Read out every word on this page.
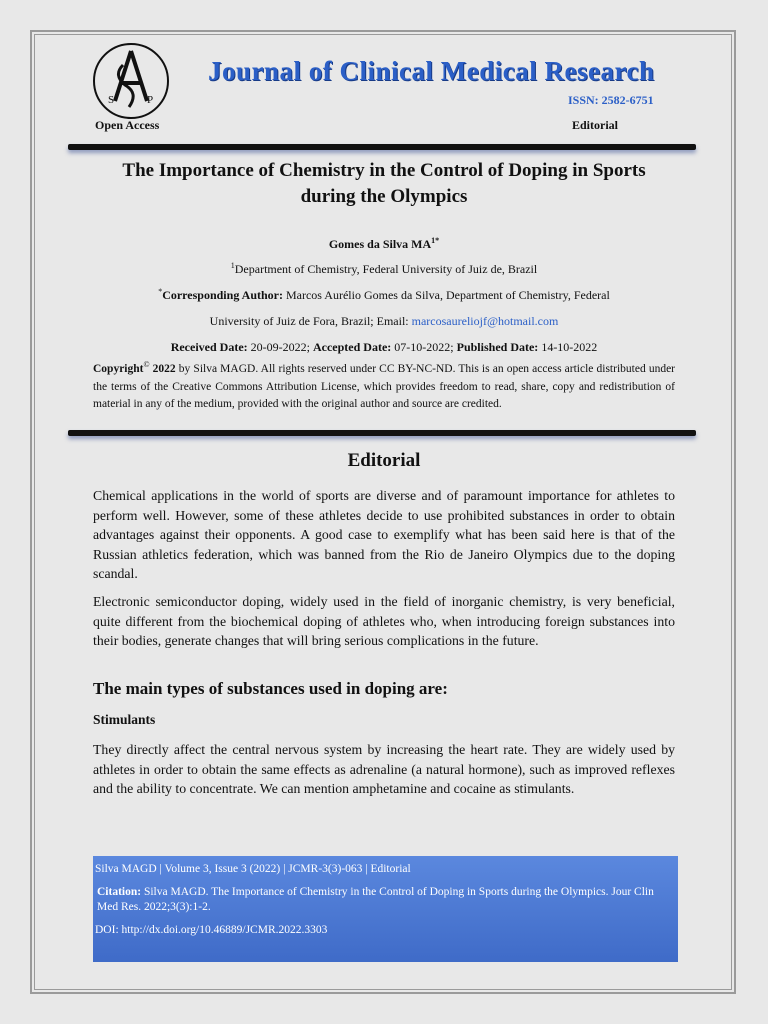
S	P
Open Access
Journal of Clinical Medical Research
ISSN: 2582-6751
Editorial
The Importance of Chemistry in the Control of Doping in Sports
during the Olympics
Gomes da Silva $MA^{1*}$
$^1$Department of Chemistry, Federal University of Juiz de, Brazil
*Corresponding Author: Marcos Aurélio Gomes da Silva, Department of Chemistry, Federal
University of Juiz de Fora, Brazil; Email: marcosaureliojf@hotmail.com
Received Date: 20-09-2022; Accepted Date: 07-10-2022; Published Date: 14-10-2022
Copyright© 2022 by Silva MAGD. All rights reserved under CC BY-NC-ND. This is an open access article distributed under the terms of the Creative Commons Attribution License, which provides freedom to read, share, copy and redistribution of material in any of the medium, provided with the original author and source are credited.
Editorial

Chemical applications in the world of sports are diverse and of paramount importance for athletes to perform well. However, some of these athletes decide to use prohibited substances in order to obtain advantages against their opponents. A good case to exemplify what has been said here is that of the Russian athletics federation, which was banned from the Rio de Janeiro Olympics due to the doping scandal.

Electronic semiconductor doping, widely used in the field of inorganic chemistry, is very beneficial, quite different from the biochemical doping of athletes who, when introducing foreign substances into their bodies, generate changes that will bring serious complications in the future.

The main types of substances used in doping are:
Stimulants

They directly affect the central nervous system by increasing the heart rate. They are widely used by athletes in order to obtain the same effects as adrenaline (a natural hormone), such as improved reflexes and the ability to concentrate. We can mention amphetamine and cocaine as stimulants.

Silva MAGD | Volume 3, Issue 3 (2022) | JCMR-3(3)-063 | Editorial
Citation: Silva MAGD. The Importance of Chemistry in the Control of Doping in Sports during the Olympics. Jour Clin Med Res. 2022;3(3):1-2.
DOI: http://dx.doi.org/10.46889/JCMR.2022.3303
